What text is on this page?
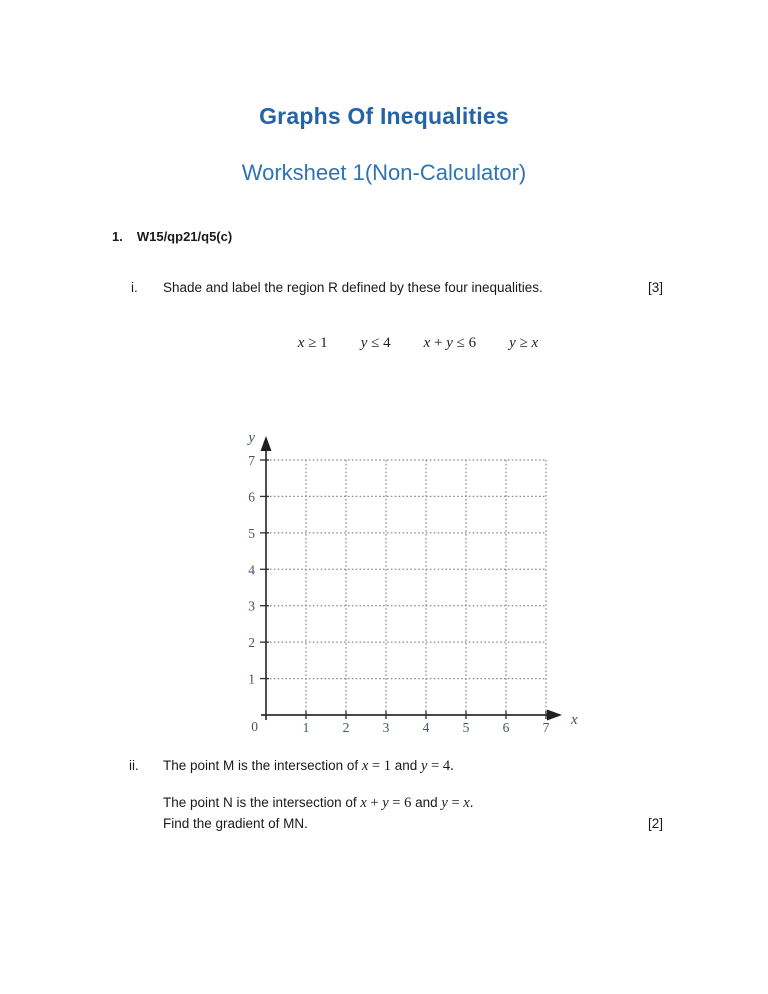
Graphs Of Inequalities
Worksheet 1(Non-Calculator)
1. W15/qp21/q5(c)
i. Shade and label the region R defined by these four inequalities.	[3]
x ≥ 1 y ≤ 4 x + y ≤ 6 y ≥ x
1 2 3 4 5 6 7
1
2
3
4
5
6
7
0	x
y
ii. The point M is the intersection of x = 1 and y = 4.
The point N is the intersection of x + y = 6 and y = x.
Find the gradient of MN.	[2]
